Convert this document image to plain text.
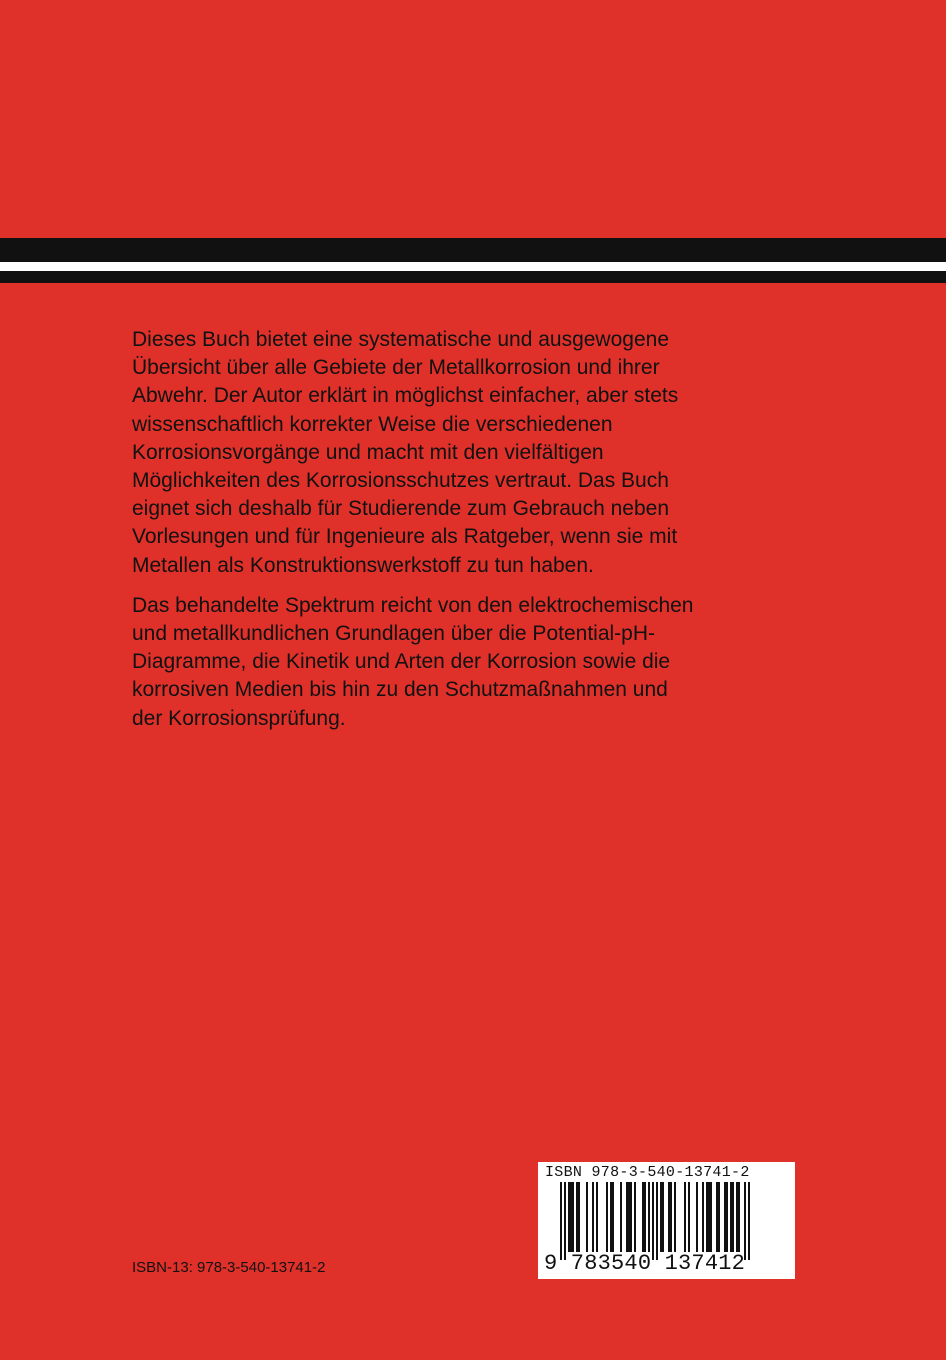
Dieses Buch bietet eine systematische und ausgewogene
Übersicht über alle Gebiete der Metallkorrosion und ihrer
Abwehr. Der Autor erklärt in möglichst einfacher, aber stets
wissenschaftlich korrekter Weise die verschiedenen
Korrosionsvorgänge und macht mit den vielfältigen
Möglichkeiten des Korrosionsschutzes vertraut. Das Buch
eignet sich deshalb für Studierende zum Gebrauch neben
Vorlesungen und für Ingenieure als Ratgeber, wenn sie mit
Metallen als Konstruktionswerkstoff zu tun haben.

Das behandelte Spektrum reicht von den elektrochemischen
und metallkundlichen Grundlagen über die Potential-pH-
Diagramme, die Kinetik und Arten der Korrosion sowie die
korrosiven Medien bis hin zu den Schutzmaßnahmen und
der Korrosionsprüfung.

ISBN-13: 978-3-540-13741-2
ISBN 978-3-540-13741-2
9 783540 137412
